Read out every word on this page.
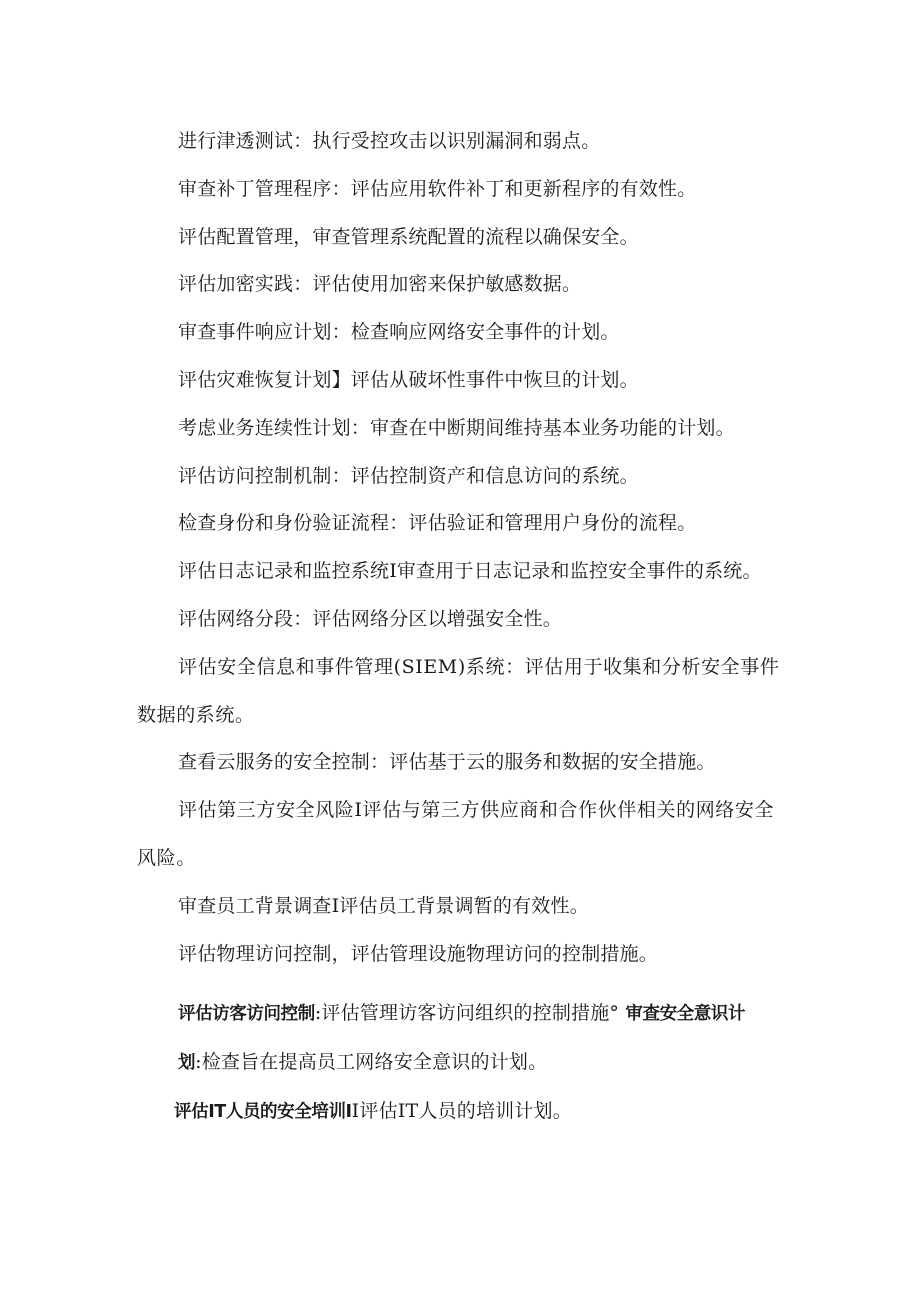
进行津透测试：执行受控攻击以识别漏洞和弱点。

审查补丁管理程序：评估应用软件补丁和更新程序的有效性。

评估配置管理，审查管理系统配置的流程以确保安全。

评估加密实践：评估使用加密来保护敏感数据。

审查事件响应计划：检查响应网络安全事件的计划。

评估灾难恢复计划】评估从破坏性事件中恢旦的计划。

考虑业务连续性计划：审查在中断期间维持基本业务功能的计划。

评估访问控制机制：评估控制资产和信息访问的系统。

检查身份和身份验证流程：评估验证和管理用户身份的流程。

评估日志记录和监控系统I审查用于日志记录和监控安全事件的系统。

评估网络分段：评估网络分区以增强安全性。

评估安全信息和事件管理(SIEM)系统：评估用于收集和分析安全事件数据的系统。

查看云服务的安全控制：评估基于云的服务和数据的安全措施。

评估第三方安全风险I评估与第三方供应商和合作伙伴相关的网络安全风险。

审查员工背景调查I评估员工背景调暂的有效性。

评估物理访问控制，评估管理设施物理访问的控制措施。

评估访客访问控制:评估管理访客访问组织的控制措施° 审查安全意识计

划:检查旨在提高员工网络安全意识的计划。

评估IT人员的安全培训II评估IT人员的培训计划。
